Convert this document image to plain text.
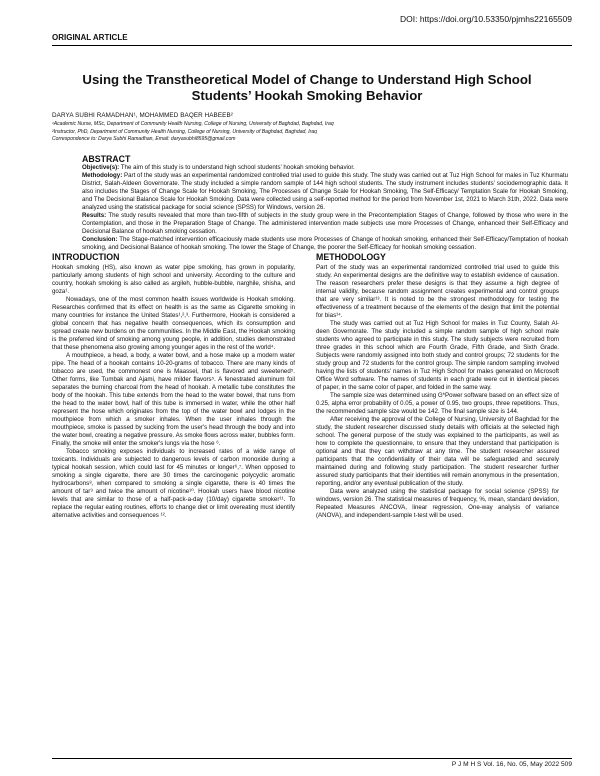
DOI: https://doi.org/10.53350/pjmhs22165509
ORIGINAL ARTICLE
Using the Transtheoretical Model of Change to Understand High School Students’ Hookah Smoking Behavior
DARYA SUBHI RAMADHAN¹, MOHAMMED BAQER HABEEB²
¹Academic Nurse, MSc, Department of Community Health Nursing, College of Nursing, University of Baghdad, Baghdad, Iraq
²Instructor, PhD, Department of Community Health Nursing, College of Nursing, University of Baghdad, Baghdad, Iraq
Correspondence to: Darya Subhi Ramadhan, Email: daryasubhi8595@gmail.com
ABSTRACT

Objective(s): The aim of this study is to understand high school students’ hookah smoking behavior.

Methodology: Part of the study was an experimental randomized controlled trial used to guide this study. The study was carried out at Tuz High School for males in Tuz Khurmatu District, Salah-Aldeen Governorate. The study included a simple random sample of 144 high school students. The study instrument includes students’ sociodemographic data. It also includes the Stages of Change Scale for Hookah Smoking, The Processes of Change Scale for Hookah Smoking, The Self-Efficacy/ Temptation Scale for Hookah Smoking, and The Decisional Balance Scale for Hookah Smoking. Data were collected using a self-reported method for the period from November 1st, 2021 to March 31th, 2022. Data were analyzed using the statistical package for social science (SPSS) for Windows, version 26.

Results: The study results revealed that more than two-fifth of subjects in the study group were in the Precontemplation Stages of Change, followed by those who were in the Contemplation, and those in the Preparation Stage of Change. The administered intervention made subjects use more Processes of Change, enhanced their Self-Efficacy and Decisional Balance of hookah smoking cessation.

Conclusion: The Stage-matched intervention efficaciously made students use more Processes of Change of hookah smoking, enhanced their Self-Efficacy/Temptation of hookah smoking, and Decisional Balance of hookah smoking. The lower the Stage of Change, the poorer the Self-Efficacy for hookah smoking cessation.

INTRODUCTION

Hookah smoking (HS), also known as water pipe smoking, has grown in popularity, particularly among students of high school and university. According to the culture and country, hookah smoking is also called as argileh, hubble-bubble, narghile, shisha, and goza¹.

Nowadays, one of the most common health issues worldwide is Hookah smoking. Researches confirmed that its effect on health is as the same as Cigarette smoking in many countries for instance the United States¹,²,³. Furthermore, Hookah is considered a global concern that has negative health consequences, which its consumption and spread create new burdens on the communities. In the Middle East, the Hookah smoking is the preferred kind of smoking among young people, in addition, studies demonstrated that these phenomena also growing among younger ages in the rest of the world⁴.

A mouthpiece, a head, a body, a water bowl, and a hose make up a modern water pipe. The head of a hookah contains 10-20-grams of tobacco. There are many kinds of tobacco are used, the commonest one is Maassel, that is flavored and sweetened⁵. Other forms, like Tumbak and Ajami, have milder flavors⁵. A fenestrated aluminum foil separates the burning charcoal from the head of hookah. A metallic tube constitutes the body of the hookah. This tube extends from the head to the water bowel, that runs from the head to the water bowl, half of this tube is immersed in water, while the other half represent the hose which originates from the top of the water bowl and lodges in the mouthpiece from which a smoker inhales. When the user inhales through the mouthpiece, smoke is passed by sucking from the user's head through the body and into the water bowl, creating a negative pressure. As smoke flows across water, bubbles form. Finally, the smoke will enter the smoker's lungs via the hose ⁶.

Tobacco smoking exposes individuals to increased rates of a wide range of toxicants. Individuals are subjected to dangerous levels of carbon monoxide during a typical hookah session, which could last for 45 minutes or longer⁶,⁷. When opposed to smoking a single cigarette, there are 30 times the carcinogenic polycyclic aromatic hydrocarbons⁸, when compared to smoking a single cigarette, there is 40 times the amount of tar⁹ and twice the amount of nicotine¹⁰. Hookah users have blood nicotine levels that are similar to those of a half-pack-a-day (10/day) cigarette smoker¹¹. To replace the regular eating routines, efforts to change diet or limit overeating must identify alternative activities and consequences ¹².

METHODOLOGY

Part of the study was an experimental randomized controlled trial used to guide this study. An experimental designs are the definitive way to establish evidence of causation. The reason researchers prefer these designs is that they assume a high degree of internal validity, because random assignment creates experimental and control groups that are very similar¹³. It is noted to be the strongest methodology for testing the effectiveness of a treatment because of the elements of the design that limit the potential for bias¹⁴.

The study was carried out at Tuz High School for males in Tuz County, Salah Al-deen Governorate. The study included a simple random sample of high school male students who agreed to participate in this study. The study subjects were recruited from three grades in this school which are Fourth Grade, Fifth Grade, and Sixth Grade. Subjects were randomly assigned into both study and control groups; 72 students for the study group and 72 students for the control group. The simple random sampling involved having the lists of students' names in Tuz High School for males generated on Microsoft Office Word software. The names of students in each grade were cut in identical pieces of paper, in the same color of paper, and folded in the same way.

The sample size was determined using G*Power software based on an effect size of 0.25, alpha error probability of 0.05, a power of 0.95, two groups, three repetitions. Thus, the recommended sample size would be 142. The final sample size is 144.

After receiving the approval of the College of Nursing, University of Baghdad for the study, the student researcher discussed study details with officials at the selected high school. The general purpose of the study was explained to the participants, as well as how to complete the questionnaire, to ensure that they understand that participation is optional and that they can withdraw at any time. The student researcher assured participants that the confidentiality of their data will be safeguarded and securely maintained during and following study participation. The student researcher further assured study participants that their identities will remain anonymous in the presentation, reporting, and/or any eventual publication of the study.

Data were analyzed using the statistical package for social science (SPSS) for windows, version 26. The statistical measures of frequency, %, mean, standard deviation, Repeated Measures ANCOVA, linear regression, One-way analysis of variance (ANOVA), and independent-sample t-test will be used.

P J M H S Vol. 16, No. 05, May 2022 509
